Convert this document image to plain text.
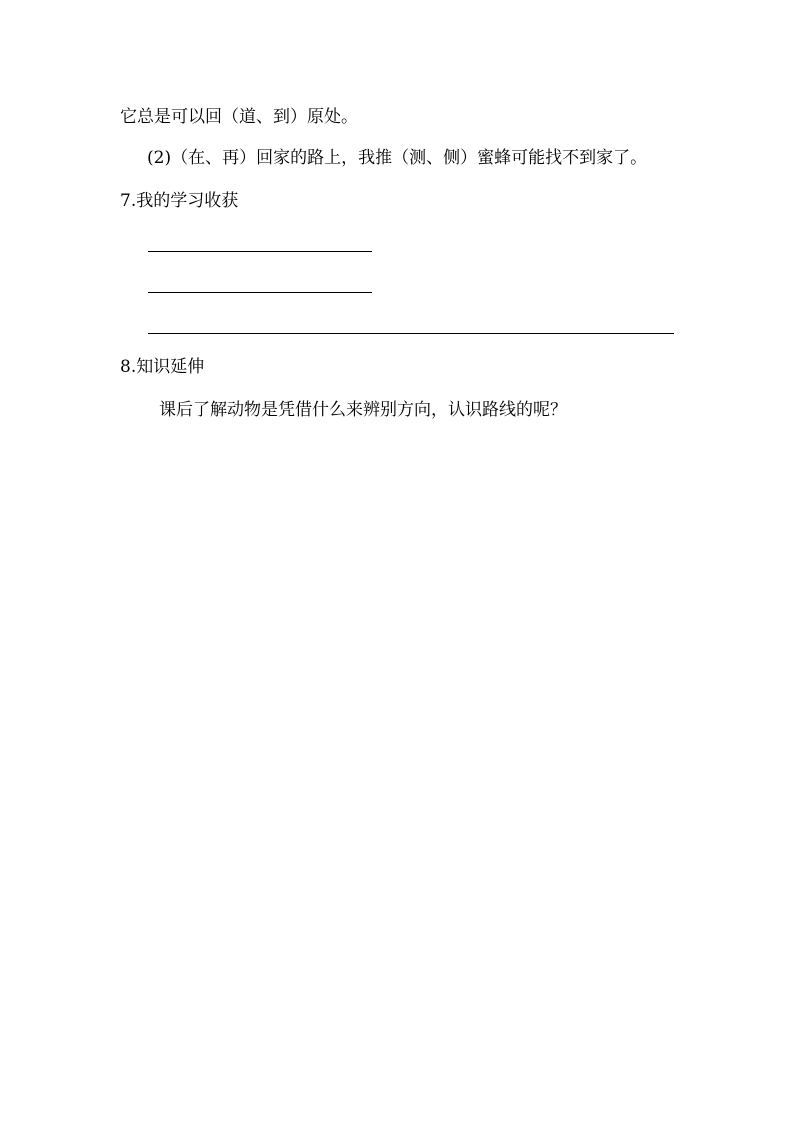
它总是可以回（道、到）原处。
(2)（在、再）回家的路上，我推（测、侧）蜜蜂可能找不到家了。
7.我的学习收获
8.知识延伸
课后了解动物是凭借什么来辨别方向，认识路线的呢？
